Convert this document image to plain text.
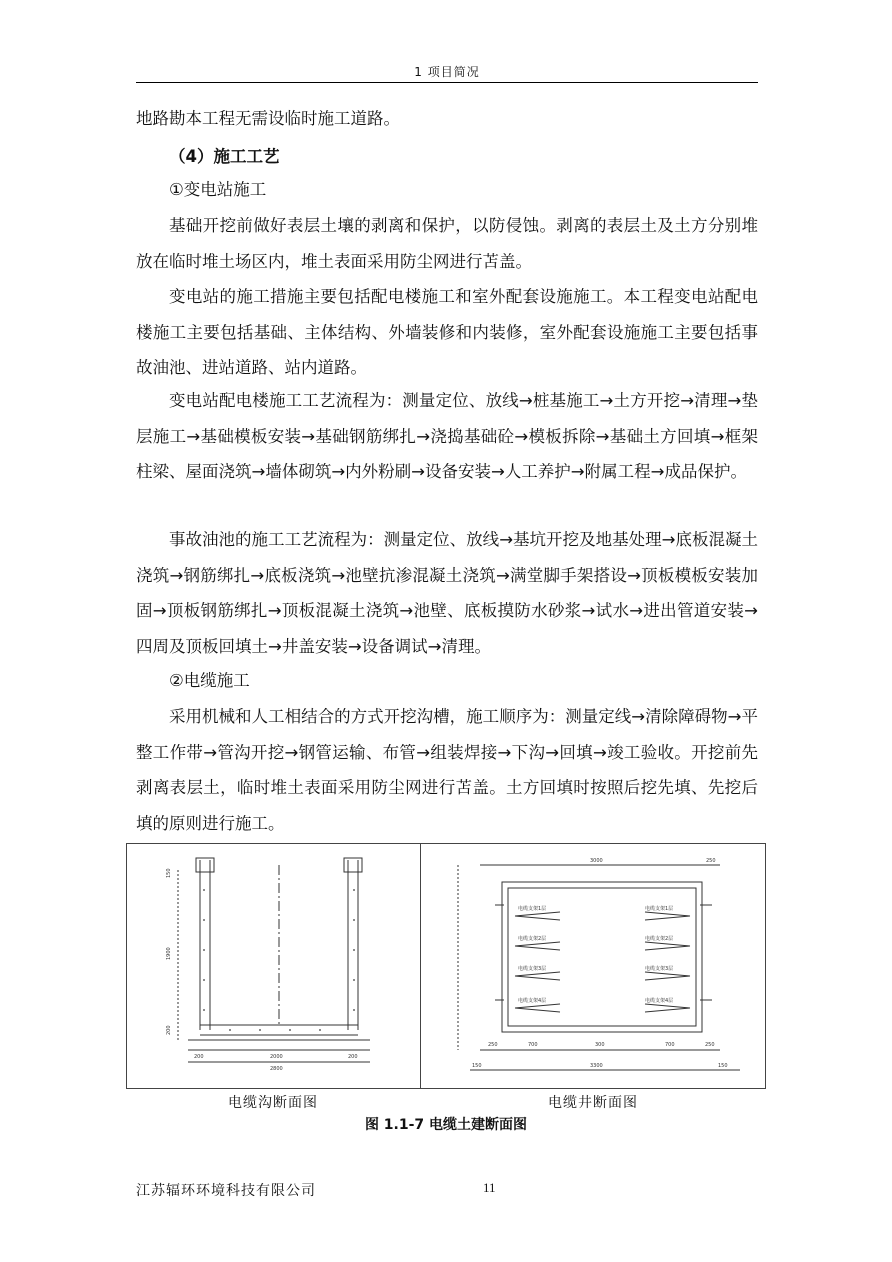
1 项目简况

地路勘本工程无需设临时施工道路。

（4）施工工艺

①变电站施工

基础开挖前做好表层土壤的剥离和保护，以防侵蚀。剥离的表层土及土方分别堆放在临时堆土场区内，堆土表面采用防尘网进行苫盖。

变电站的施工措施主要包括配电楼施工和室外配套设施施工。本工程变电站配电楼施工主要包括基础、主体结构、外墙装修和内装修，室外配套设施施工主要包括事故油池、进站道路、站内道路。

变电站配电楼施工工艺流程为：测量定位、放线→桩基施工→土方开挖→清理→垫层施工→基础模板安装→基础钢筋绑扎→浇捣基础砼→模板拆除→基础土方回填→框架柱梁、屋面浇筑→墙体砌筑→内外粉刷→设备安装→人工养护→附属工程→成品保护。

事故油池的施工工艺流程为：测量定位、放线→基坑开挖及地基处理→底板混凝土浇筑→钢筋绑扎→底板浇筑→池壁抗渗混凝土浇筑→满堂脚手架搭设→顶板模板安装加固→顶板钢筋绑扎→顶板混凝土浇筑→池壁、底板摸防水砂浆→试水→进出管道安装→四周及顶板回填土→井盖安装→设备调试→清理。

②电缆施工

采用机械和人工相结合的方式开挖沟槽，施工顺序为：测量定线→清除障碍物→平整工作带→管沟开挖→钢管运输、布管→组装焊接→下沟→回填→竣工验收。开挖前先剥离表层土，临时堆土表面采用防尘网进行苫盖。土方回填时按照后挖先填、先挖后填的原则进行施工。

150
1900
200
200	2000	200
2800
3000	250
250	700	300	700	250
150	3300	150
电缆支架1层
电缆支架2层
电缆支架3层
电缆支架4层
电缆支架1层
电缆支架2层
电缆支架3层
电缆支架4层
电缆沟断面图	电缆井断面图
图 1.1-7 电缆土建断面图
江苏辐环环境科技有限公司	11
